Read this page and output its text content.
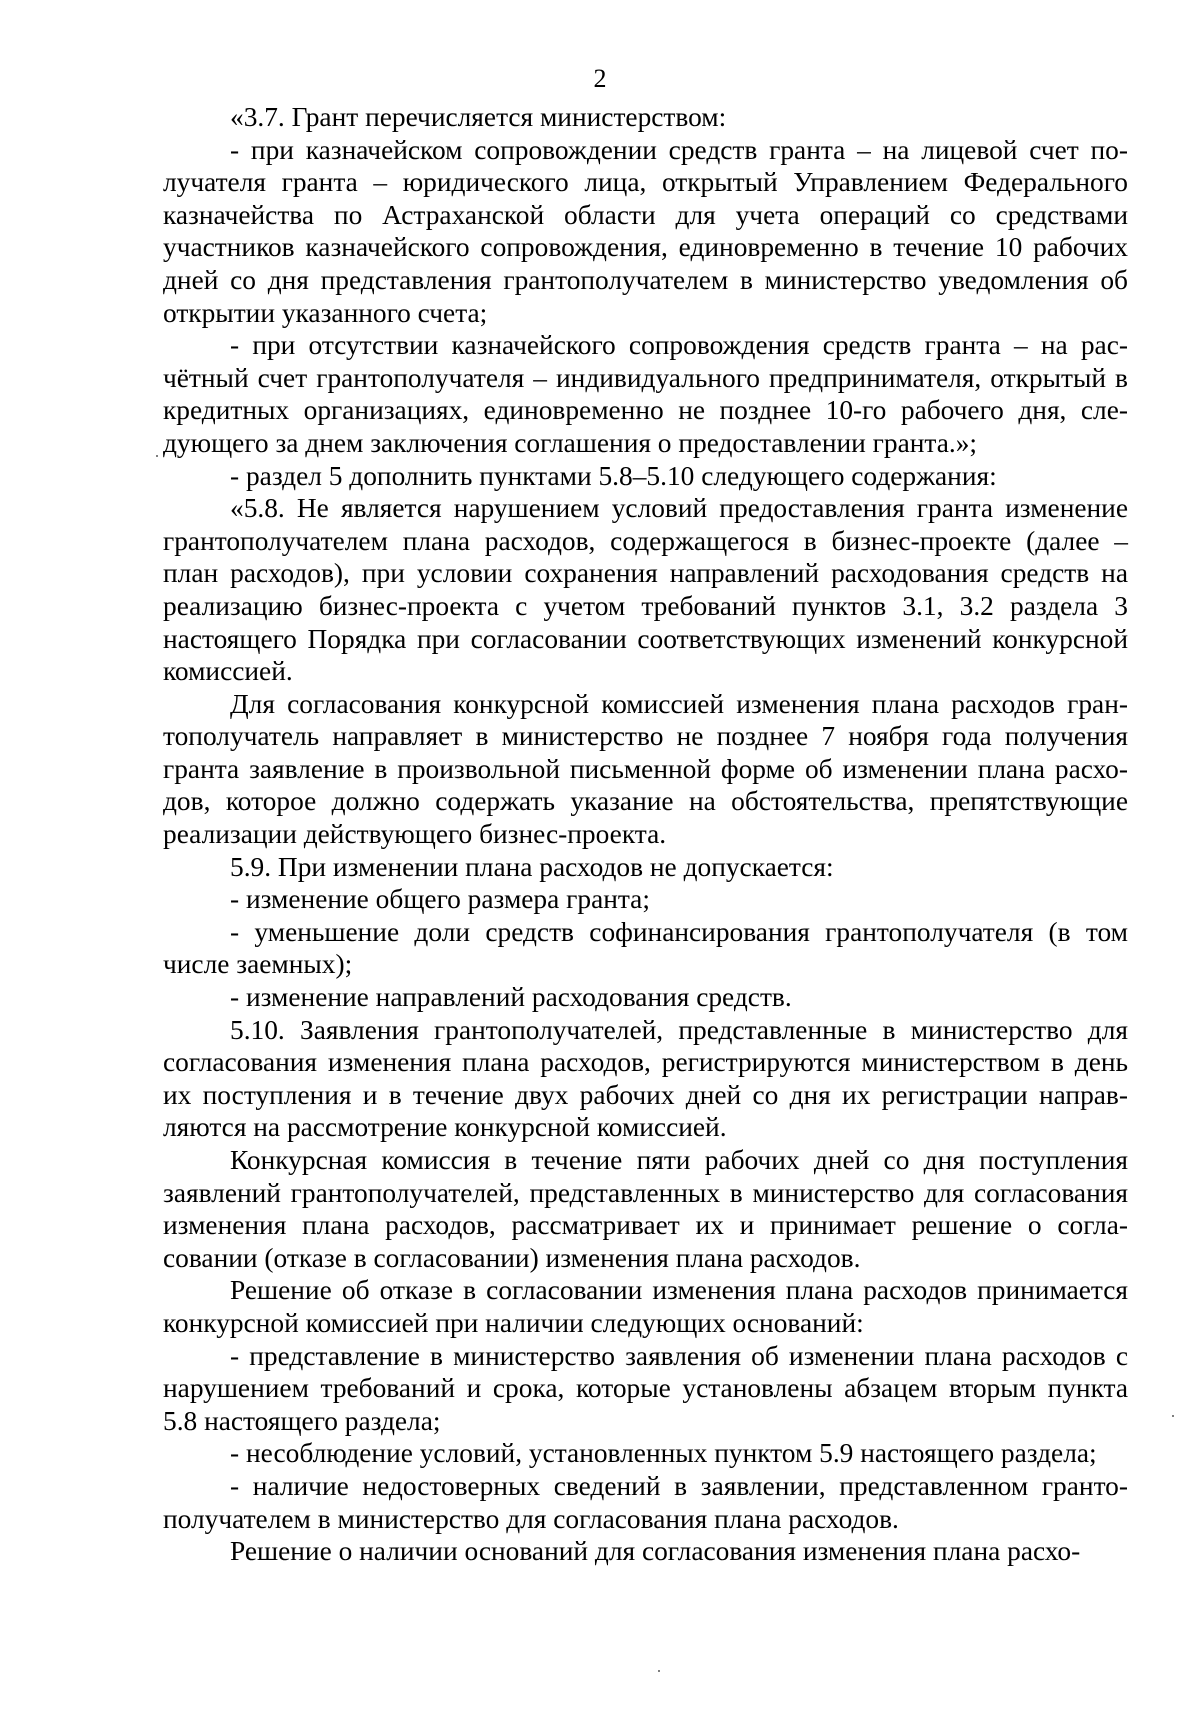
2

«3.7. Грант перечисляется министерством:

- при казначейском сопровождении средств гранта – на лицевой счет получателя гранта – юридического лица, открытый Управлением Федерального казначейства по Астраханской области для учета операций со средствами участников казначейского сопровождения, единовременно в течение 10 рабочих дней со дня представления грантополучателем в министерство уведомления об открытии указанного счета;

- при отсутствии казначейского сопровождения средств гранта – на расчётный счет грантополучателя – индивидуального предпринимателя, открытый в кредитных организациях, единовременно не позднее 10-го рабочего дня, следующего за днем заключения соглашения о предоставлении гранта.»;

- раздел 5 дополнить пунктами 5.8–5.10 следующего содержания:

«5.8. Не является нарушением условий предоставления гранта изменение грантополучателем плана расходов, содержащегося в бизнес-проекте (далее – план расходов), при условии сохранения направлений расходования средств на реализацию бизнес-проекта с учетом требований пунктов 3.1, 3.2 раздела 3 настоящего Порядка при согласовании соответствующих изменений конкурсной комиссией.

Для согласования конкурсной комиссией изменения плана расходов грантополучатель направляет в министерство не позднее 7 ноября года получения гранта заявление в произвольной письменной форме об изменении плана расходов, которое должно содержать указание на обстоятельства, препятствующие реализации действующего бизнес-проекта.

5.9. При изменении плана расходов не допускается:

- изменение общего размера гранта;

- уменьшение доли средств софинансирования грантополучателя (в том числе заемных);

- изменение направлений расходования средств.

5.10. Заявления грантополучателей, представленные в министерство для согласования изменения плана расходов, регистрируются министерством в день их поступления и в течение двух рабочих дней со дня их регистрации направляются на рассмотрение конкурсной комиссией.

Конкурсная комиссия в течение пяти рабочих дней со дня поступления заявлений грантополучателей, представленных в министерство для согласования изменения плана расходов, рассматривает их и принимает решение о согласовании (отказе в согласовании) изменения плана расходов.

Решение об отказе в согласовании изменения плана расходов принимается конкурсной комиссией при наличии следующих оснований:

- представление в министерство заявления об изменении плана расходов с нарушением требований и срока, которые установлены абзацем вторым пункта 5.8 настоящего раздела;

- несоблюдение условий, установленных пунктом 5.9 настоящего раздела;

- наличие недостоверных сведений в заявлении, представленном грантополучателем в министерство для согласования плана расходов.

Решение о наличии оснований для согласования изменения плана расхо-
